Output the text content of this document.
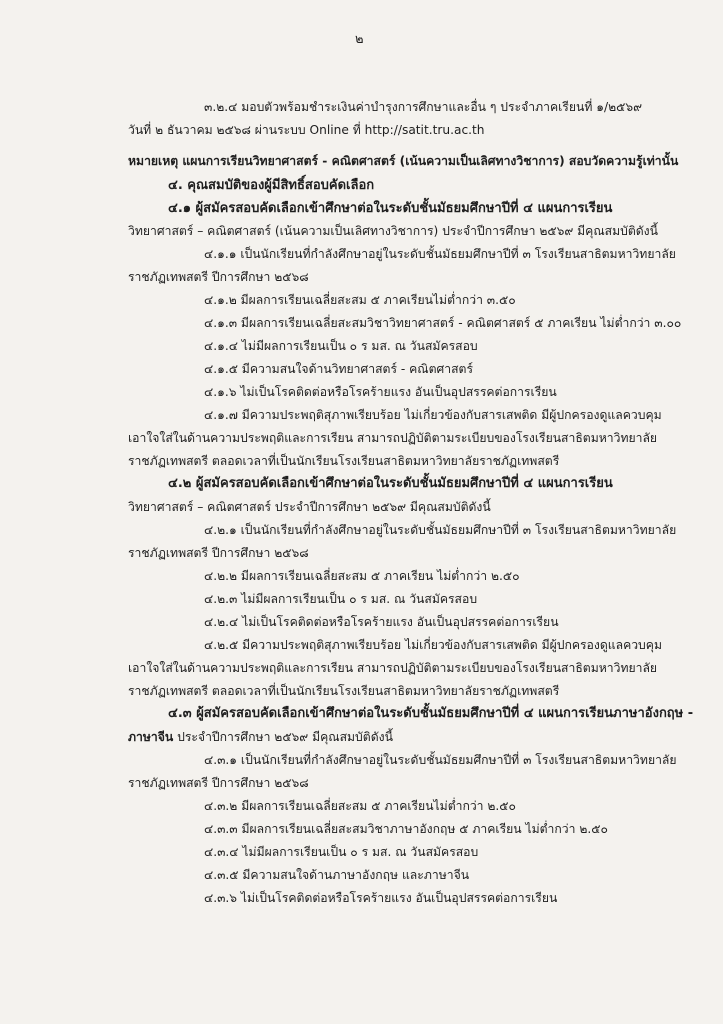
๒
๓.๒.๔ มอบตัวพร้อมชำระเงินค่าบำรุงการศึกษาและอื่น ๆ ประจำภาคเรียนที่ ๑/๒๕๖๙
วันที่ ๒ ธันวาคม ๒๕๖๘ ผ่านระบบ Online ที่ http://satit.tru.ac.th
หมายเหตุ แผนการเรียนวิทยาศาสตร์ - คณิตศาสตร์ (เน้นความเป็นเลิศทางวิชาการ) สอบวัดความรู้เท่านั้น
๔. คุณสมบัติของผู้มีสิทธิ์สอบคัดเลือก
๔.๑ ผู้สมัครสอบคัดเลือกเข้าศึกษาต่อในระดับชั้นมัธยมศึกษาปีที่ ๔ แผนการเรียน
วิทยาศาสตร์ – คณิตศาสตร์ (เน้นความเป็นเลิศทางวิชาการ) ประจำปีการศึกษา ๒๕๖๙ มีคุณสมบัติดังนี้
๔.๑.๑ เป็นนักเรียนที่กำลังศึกษาอยู่ในระดับชั้นมัธยมศึกษาปีที่ ๓ โรงเรียนสาธิตมหาวิทยาลัย
ราชภัฏเทพสตรี ปีการศึกษา ๒๕๖๘
๔.๑.๒ มีผลการเรียนเฉลี่ยสะสม ๕ ภาคเรียนไม่ต่ำกว่า ๓.๕๐
๔.๑.๓ มีผลการเรียนเฉลี่ยสะสมวิชาวิทยาศาสตร์ - คณิตศาสตร์ ๕ ภาคเรียน ไม่ต่ำกว่า ๓.๐๐
๔.๑.๔ ไม่มีผลการเรียนเป็น ๐ ร มส. ณ วันสมัครสอบ
๔.๑.๕ มีความสนใจด้านวิทยาศาสตร์ - คณิตศาสตร์
๔.๑.๖ ไม่เป็นโรคติดต่อหรือโรคร้ายแรง อันเป็นอุปสรรคต่อการเรียน
๔.๑.๗ มีความประพฤติสุภาพเรียบร้อย ไม่เกี่ยวข้องกับสารเสพติด มีผู้ปกครองดูแลควบคุม
เอาใจใส่ในด้านความประพฤติและการเรียน สามารถปฏิบัติตามระเบียบของโรงเรียนสาธิตมหาวิทยาลัย
ราชภัฏเทพสตรี ตลอดเวลาที่เป็นนักเรียนโรงเรียนสาธิตมหาวิทยาลัยราชภัฏเทพสตรี
๔.๒ ผู้สมัครสอบคัดเลือกเข้าศึกษาต่อในระดับชั้นมัธยมศึกษาปีที่ ๔ แผนการเรียน
วิทยาศาสตร์ – คณิตศาสตร์ ประจำปีการศึกษา ๒๕๖๙ มีคุณสมบัติดังนี้
๔.๒.๑ เป็นนักเรียนที่กำลังศึกษาอยู่ในระดับชั้นมัธยมศึกษาปีที่ ๓ โรงเรียนสาธิตมหาวิทยาลัย
ราชภัฏเทพสตรี ปีการศึกษา ๒๕๖๘
๔.๒.๒ มีผลการเรียนเฉลี่ยสะสม ๕ ภาคเรียน ไม่ต่ำกว่า ๒.๕๐
๔.๒.๓ ไม่มีผลการเรียนเป็น ๐ ร มส. ณ วันสมัครสอบ
๔.๒.๔ ไม่เป็นโรคติดต่อหรือโรคร้ายแรง อันเป็นอุปสรรคต่อการเรียน
๔.๒.๕ มีความประพฤติสุภาพเรียบร้อย ไม่เกี่ยวข้องกับสารเสพติด มีผู้ปกครองดูแลควบคุม
เอาใจใส่ในด้านความประพฤติและการเรียน สามารถปฏิบัติตามระเบียบของโรงเรียนสาธิตมหาวิทยาลัย
ราชภัฏเทพสตรี ตลอดเวลาที่เป็นนักเรียนโรงเรียนสาธิตมหาวิทยาลัยราชภัฏเทพสตรี
๔.๓ ผู้สมัครสอบคัดเลือกเข้าศึกษาต่อในระดับชั้นมัธยมศึกษาปีที่ ๔ แผนการเรียนภาษาอังกฤษ -
ภาษาจีน ประจำปีการศึกษา ๒๕๖๙ มีคุณสมบัติดังนี้
๔.๓.๑ เป็นนักเรียนที่กำลังศึกษาอยู่ในระดับชั้นมัธยมศึกษาปีที่ ๓ โรงเรียนสาธิตมหาวิทยาลัย
ราชภัฏเทพสตรี ปีการศึกษา ๒๕๖๘
๔.๓.๒ มีผลการเรียนเฉลี่ยสะสม ๕ ภาคเรียนไม่ต่ำกว่า ๒.๕๐
๔.๓.๓ มีผลการเรียนเฉลี่ยสะสมวิชาภาษาอังกฤษ ๕ ภาคเรียน ไม่ต่ำกว่า ๒.๕๐
๔.๓.๔ ไม่มีผลการเรียนเป็น ๐ ร มส. ณ วันสมัครสอบ
๔.๓.๕ มีความสนใจด้านภาษาอังกฤษ และภาษาจีน
๔.๓.๖ ไม่เป็นโรคติดต่อหรือโรคร้ายแรง อันเป็นอุปสรรคต่อการเรียน
